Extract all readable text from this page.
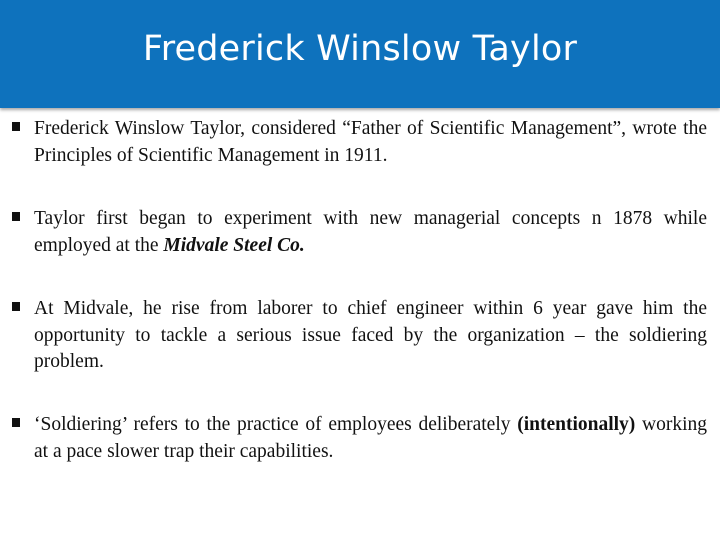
Frederick Winslow Taylor
Frederick Winslow Taylor, considered “Father of Scientific Management”, wrote the Principles of Scientific Management in 1911.
Taylor first began to experiment with new managerial concepts n 1878 while employed at the Midvale Steel Co.
At Midvale, he rise from laborer to chief engineer within 6 year gave him the opportunity to tackle a serious issue faced by the organization – the soldiering problem.
‘Soldiering’ refers to the practice of employees deliberately (intentionally) working at a pace slower trap their capabilities.
